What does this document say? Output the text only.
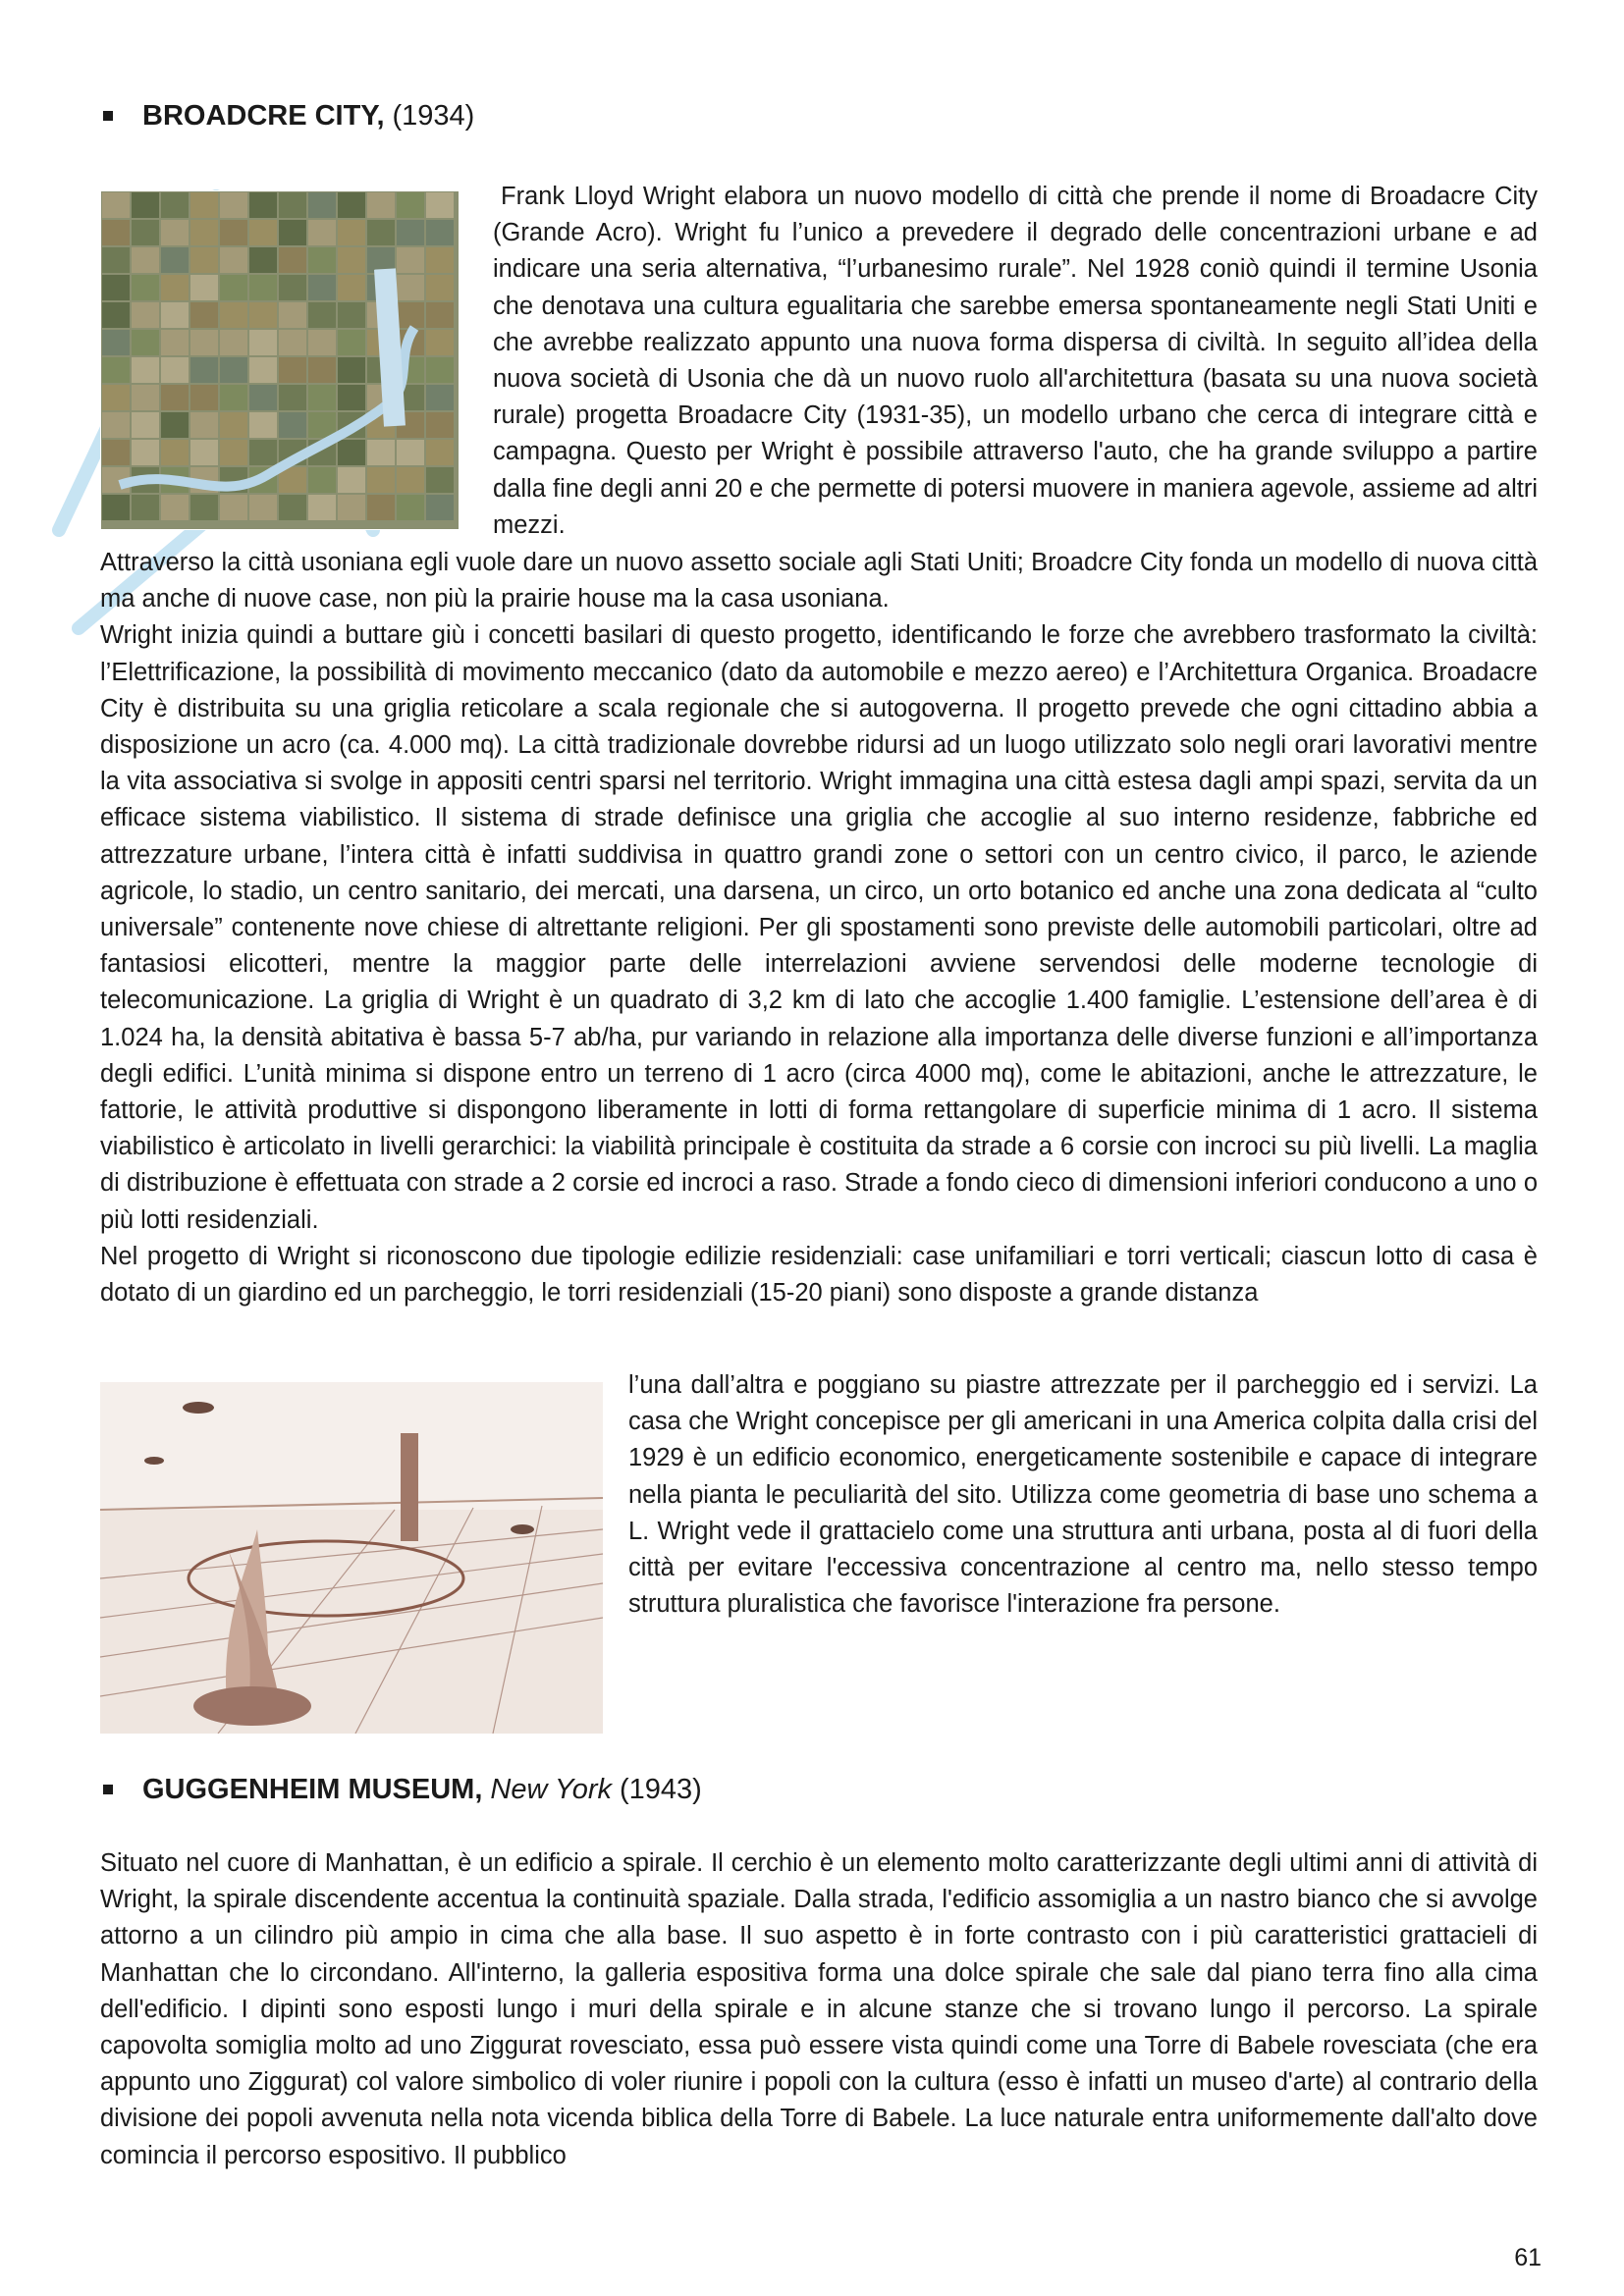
BROADCRE CITY, (1934)

Frank Lloyd Wright elabora un nuovo modello di città che prende il nome di Broadacre City (Grande Acro). Wright fu l’unico a prevedere il degrado delle concentrazioni urbane e ad indicare una seria alternativa, “l’urbanesimo rurale”. Nel 1928 coniò quindi il termine Usonia che denotava una cultura egualitaria che sarebbe emersa spontaneamente negli Stati Uniti e che avrebbe realizzato appunto una nuova forma dispersa di civiltà. In seguito all’idea della nuova società di Usonia che dà un nuovo ruolo all'architettura (basata su una nuova società rurale) progetta Broadacre City (1931-35), un modello urbano che cerca di integrare città e campagna. Questo per Wright è possibile attraverso l'auto, che ha grande sviluppo a partire dalla fine degli anni 20 e che permette di potersi muovere in maniera agevole, assieme ad altri mezzi.

Attraverso la città usoniana egli vuole dare un nuovo assetto sociale agli Stati Uniti; Broadcre City fonda un modello di nuova città ma anche di nuove case, non più la prairie house ma la casa usoniana.

Wright inizia quindi a buttare giù i concetti basilari di questo progetto, identificando le forze che avrebbero trasformato la civiltà: l’Elettrificazione, la possibilità di movimento meccanico (dato da automobile e mezzo aereo) e l’Architettura Organica. Broadacre City è distribuita su una griglia reticolare a scala regionale che si autogoverna. Il progetto prevede che ogni cittadino abbia a disposizione un acro (ca. 4.000 mq). La città tradizionale dovrebbe ridursi ad un luogo utilizzato solo negli orari lavorativi mentre la vita associativa si svolge in appositi centri sparsi nel territorio. Wright immagina una città estesa dagli ampi spazi, servita da un efficace sistema viabilistico. Il sistema di strade definisce una griglia che accoglie al suo interno residenze, fabbriche ed attrezzature urbane, l’intera città è infatti suddivisa in quattro grandi zone o settori con un centro civico, il parco, le aziende agricole, lo stadio, un centro sanitario, dei mercati, una darsena, un circo, un orto botanico ed anche una zona dedicata al “culto universale” contenente nove chiese di altrettante religioni. Per gli spostamenti sono previste delle automobili particolari, oltre ad fantasiosi elicotteri, mentre la maggior parte delle interrelazioni avviene servendosi delle moderne tecnologie di telecomunicazione. La griglia di Wright è un quadrato di 3,2 km di lato che accoglie 1.400 famiglie. L’estensione dell’area è di 1.024 ha, la densità abitativa è bassa 5-7 ab/ha, pur variando in relazione alla importanza delle diverse funzioni e all’importanza degli edifici. L’unità minima si dispone entro un terreno di 1 acro (circa 4000 mq), come le abitazioni, anche le attrezzature, le fattorie, le attività produttive si dispongono liberamente in lotti di forma rettangolare di superficie minima di 1 acro. Il sistema viabilistico è articolato in livelli gerarchici: la viabilità principale è costituita da strade a 6 corsie con incroci su più livelli. La maglia di distribuzione è effettuata con strade a 2 corsie ed incroci a raso. Strade a fondo cieco di dimensioni inferiori conducono a uno o più lotti residenziali.

Nel progetto di Wright si riconoscono due tipologie edilizie residenziali: case unifamiliari e torri verticali; ciascun lotto di casa è dotato di un giardino ed un parcheggio, le torri residenziali (15-20 piani) sono disposte a grande distanza

l’una dall’altra e poggiano su piastre attrezzate per il parcheggio ed i servizi. La casa che Wright concepisce per gli americani in una America colpita dalla crisi del 1929 è un edificio economico, energeticamente sostenibile e capace di integrare nella pianta le peculiarità del sito. Utilizza come geometria di base uno schema a L. Wright vede il grattacielo come una struttura anti urbana, posta al di fuori della città per evitare l'eccessiva concentrazione al centro ma, nello stesso tempo struttura pluralistica che favorisce l'interazione fra persone.

GUGGENHEIM MUSEUM, New York (1943)

Situato nel cuore di Manhattan, è un edificio a spirale. Il cerchio è un elemento molto caratterizzante degli ultimi anni di attività di Wright, la spirale discendente accentua la continuità spaziale. Dalla strada, l'edificio assomiglia a un nastro bianco che si avvolge attorno a un cilindro più ampio in cima che alla base. Il suo aspetto è in forte contrasto con i più caratteristici grattacieli di Manhattan che lo circondano. All'interno, la galleria espositiva forma una dolce spirale che sale dal piano terra fino alla cima dell'edificio. I dipinti sono esposti lungo i muri della spirale e in alcune stanze che si trovano lungo il percorso. La spirale capovolta somiglia molto ad uno Ziggurat rovesciato, essa può essere vista quindi come una Torre di Babele rovesciata (che era appunto uno Ziggurat) col valore simbolico di voler riunire i popoli con la cultura (esso è infatti un museo d'arte) al contrario della divisione dei popoli avvenuta nella nota vicenda biblica della Torre di Babele. La luce naturale entra uniformemente dall'alto dove comincia il percorso espositivo. Il pubblico

61
